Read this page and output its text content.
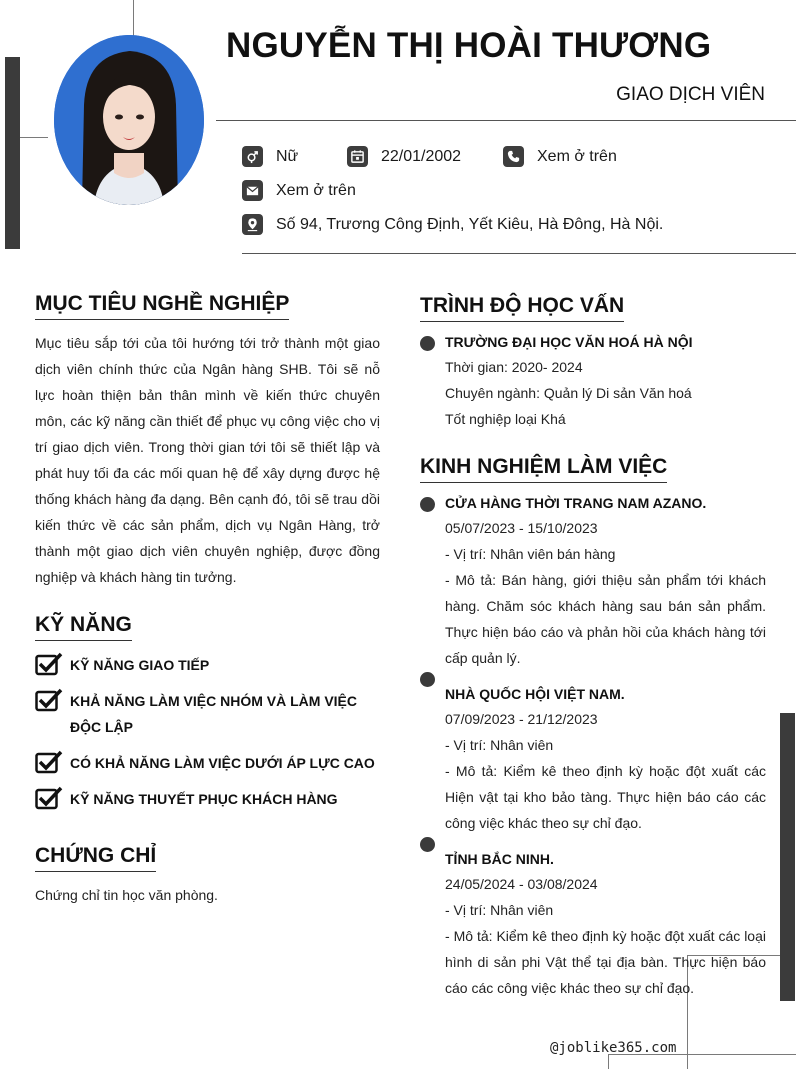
NGUYỄN THỊ HOÀI THƯƠNG
GIAO DỊCH VIÊN
Nữ	22/01/2002	Xem ở trên
Xem ở trên
Số 94, Trương Công Định, Yết Kiêu, Hà Đông, Hà Nội.
MỤC TIÊU NGHỀ NGHIỆP
Mục tiêu sắp tới của tôi hướng tới trở thành một giao dịch viên chính thức của Ngân hàng SHB. Tôi sẽ nỗ lực hoàn thiện bản thân mình về kiến thức chuyên môn, các kỹ năng cần thiết để phục vụ công việc cho vị trí giao dịch viên. Trong thời gian tới tôi sẽ thiết lập và phát huy tối đa các mối quan hệ để xây dựng được hệ thống khách hàng đa dạng. Bên cạnh đó, tôi sẽ trau dồi kiến thức về các sản phẩm, dịch vụ Ngân Hàng, trở thành một giao dịch viên chuyên nghiệp, được đồng nghiệp và khách hàng tin tưởng.
KỸ NĂNG
KỸ NĂNG GIAO TIẾP
KHẢ NĂNG LÀM VIỆC NHÓM VÀ LÀM VIỆC ĐỘC LẬP
CÓ KHẢ NĂNG LÀM VIỆC DƯỚI ÁP LỰC CAO
KỸ NĂNG THUYẾT PHỤC KHÁCH HÀNG
CHỨNG CHỈ
Chứng chỉ tin học văn phòng.
TRÌNH ĐỘ HỌC VẤN
TRƯỜNG ĐẠI HỌC VĂN HOÁ HÀ NỘI
Thời gian: 2020- 2024
Chuyên ngành: Quản lý Di sản Văn hoá
Tốt nghiệp loại Khá
KINH NGHIỆM LÀM VIỆC
CỬA HÀNG THỜI TRANG NAM AZANO.
05/07/2023 - 15/10/2023
- Vị trí: Nhân viên bán hàng
- Mô tả: Bán hàng, giới thiệu sản phẩm tới khách hàng. Chăm sóc khách hàng sau bán sản phẩm. Thực hiện báo cáo và phản hồi của khách hàng tới cấp quản lý.
NHÀ QUỐC HỘI VIỆT NAM.
07/09/2023 - 21/12/2023
- Vị trí: Nhân viên
- Mô tả: Kiểm kê theo định kỳ hoặc đột xuất các Hiện vật tại kho bảo tàng. Thực hiện báo cáo các công việc khác theo sự chỉ đạo.
TỈNH BẮC NINH.
24/05/2024 - 03/08/2024
- Vị trí: Nhân viên
- Mô tả: Kiểm kê theo định kỳ hoặc đột xuất các loại hình di sản phi Vật thể tại địa bàn. Thực hiện báo cáo các công việc khác theo sự chỉ đạo.
@joblike365.com
